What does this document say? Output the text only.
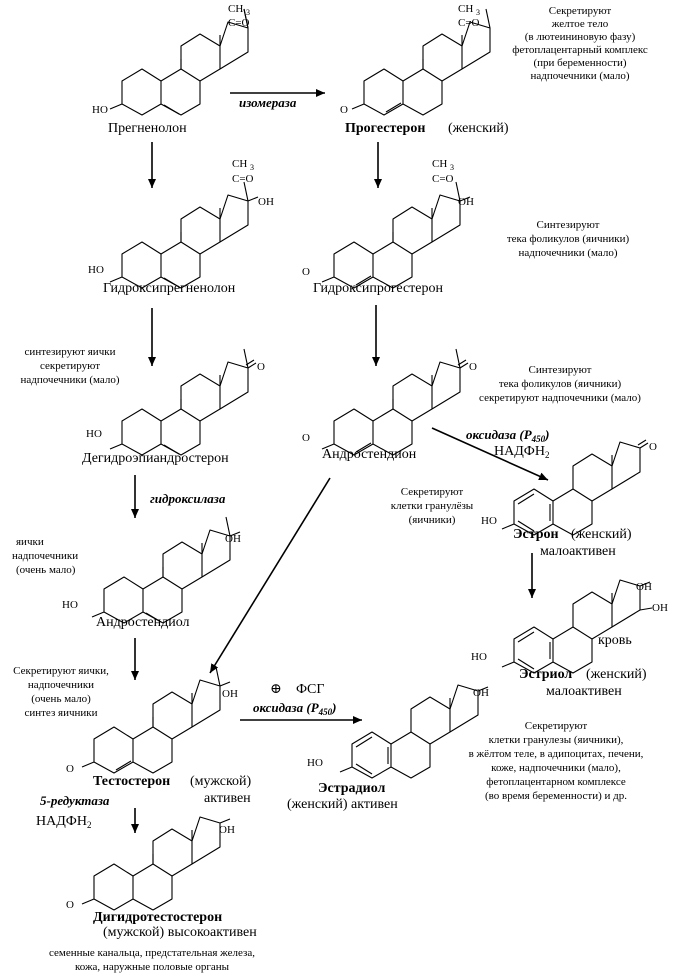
CH 3
C=O
HO
CH 3
C=O
O
CH 3
C=O
OH
HO
CH 3
C=O
OH
O
O
HO
O
O
O
HO
OH
HO
OH
OH
HO
OH
O
OH
HO
OH
O
Прегненолон	Прогестерон (женский)
Гидроксипрегненолон	Гидроксипрогестерон
Дегидроэпиандростерон	Андростендион
Эстрон (женский)
малоактивен
Андростендиол
кровь
Эстриол (женский)
малоактивен
Тестостерон (мужской)
активен
Эстрадиол
(женский) активен
Дигидротестостерон
(мужской) высокоактивен
изомераза
оксидаза $(P_{450})$
$НАДФН_2$
гидроксилаза
⊕ ФСГ
оксидаза $(P_{450})$
5-редуктаза
$НАДФН_2$
Секретируют
желтое тело
(в лютеининовую фазу)
фетоплацентарный комплекс
(при беременности)
надпочечники (мало)
Синтезируют
тека фоликулов (яичники)
надпочечники (мало)
синтезируют яички
секретируют
надпочечники (мало)
Синтезируют
тека фоликулов (яичники)
секретируют надпочечники (мало)
Секретируют
клетки гранулёзы
(яичники)
яички
надпочечники
(очень мало)
Секретируют яички,
надпочечники
(очень мало)
синтез яичники
Секретируют
клетки гранулезы (яичники),
в жёлтом теле, в адипоцитах, печени,
коже, надпочечники (мало),
фетоплацентарном комплексе
(во время беременности) и др.
семенные канальца, предстательная железа,
кожа, наружные половые органы
